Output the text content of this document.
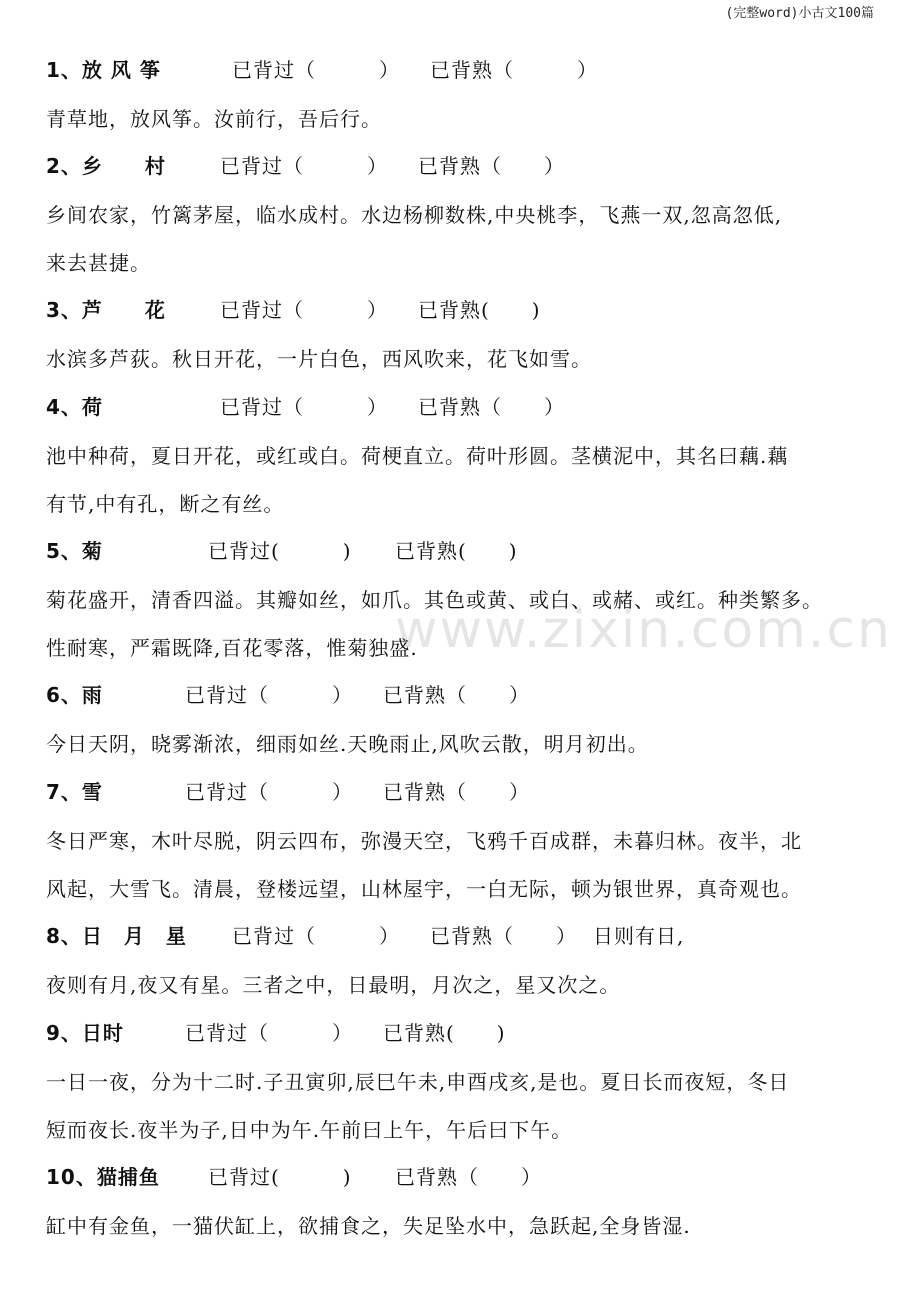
(完整word)小古文100篇
www.zixin.com.cn
1、放 风 筝	已背过（　　　） 已背熟（　　　）
青草地，放风筝。汝前行，吾后行。
2、乡　　村	已背过（　　　） 已背熟（　　）
乡间农家，竹篱茅屋，临水成村。水边杨柳数株,中央桃李，飞燕一双,忽高忽低,
来去甚捷。
3、芦　　花	已背过（　　　） 已背熟(　　)
水滨多芦荻。秋日开花，一片白色，西风吹来，花飞如雪。
4、荷	已背过（　　　） 已背熟（　　）
池中种荷，夏日开花，或红或白。荷梗直立。荷叶形圆。茎横泥中，其名曰藕.藕
有节,中有孔，断之有丝。
5、菊	已背过(　　　) 已背熟(　　)
菊花盛开，清香四溢。其瓣如丝，如爪。其色或黄、或白、或赭、或红。种类繁多。
性耐寒，严霜既降,百花零落，惟菊独盛.
6、雨	已背过（　　　） 已背熟（　　）
今日天阴，晓雾渐浓，细雨如丝.天晚雨止,风吹云散，明月初出。
7、雪	已背过（　　　） 已背熟（　　）
冬日严寒，木叶尽脱，阴云四布，弥漫天空，飞鸦千百成群，未暮归林。夜半，北
风起，大雪飞。清晨，登楼远望，山林屋宇，一白无际，顿为银世界，真奇观也。
8、日　月　星 已背过（　　　） 已背熟（　　） 日则有日,
夜则有月,夜又有星。三者之中，日最明，月次之，星又次之。
9、日时	已背过（　　　） 已背熟(　　)
一日一夜，分为十二时.子丑寅卯,辰巳午未,申酉戌亥,是也。夏日长而夜短，冬日
短而夜长.夜半为子,日中为午.午前曰上午，午后曰下午。
10、猫捕鱼 已背过(　　　) 已背熟（　　）
缸中有金鱼，一猫伏缸上，欲捕食之，失足坠水中，急跃起,全身皆湿.
